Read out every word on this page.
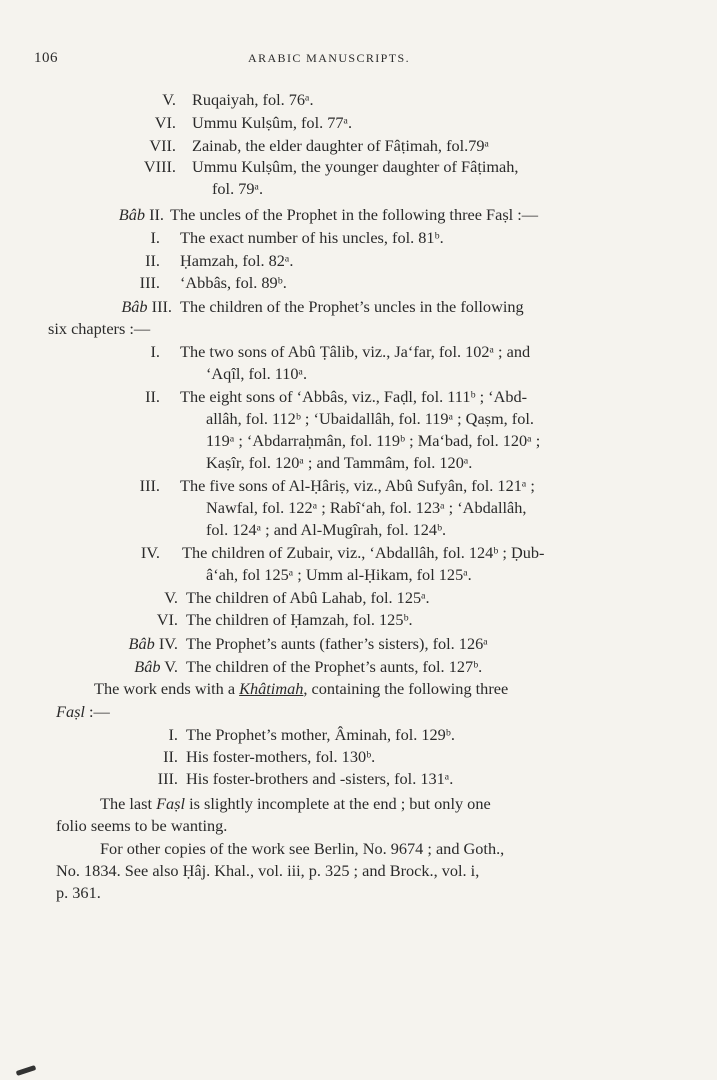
106	ARABIC MANUSCRIPTS.
V. Ruqaiyah, fol. 76ᵃ.
VI. Ummu Kulṣûm, fol. 77ᵃ.
VII. Zainab, the elder daughter of Fâṭimah, fol.79ᵃ
VIII. Ummu Kulṣûm, the younger daughter of Fâṭimah,
fol. 79ᵃ.
Bâb II. The uncles of the Prophet in the following three Faṣl :—
I. The exact number of his uncles, fol. 81ᵇ.
II. Ḥamzah, fol. 82ᵃ.
III. ‘Abbâs, fol. 89ᵇ.
Bâb III. The children of the Prophet’s uncles in the following
six chapters :—
I. The two sons of Abû Ṭâlib, viz., Ja‘far, fol. 102ᵃ ; and
‘Aqîl, fol. 110ᵃ.
II. The eight sons of ‘Abbâs, viz., Faḍl, fol. 111ᵇ ; ‘Abd-
allâh, fol. 112ᵇ ; ‘Ubaidallâh, fol. 119ᵃ ; Qaṣm, fol.
119ᵃ ; ‘Abdarraḥmân, fol. 119ᵇ ; Ma‘bad, fol. 120ᵃ ;
Kaṣîr, fol. 120ᵃ ; and Tammâm, fol. 120ᵃ.
III. The five sons of Al-Ḥâriṣ, viz., Abû Sufyân, fol. 121ᵃ ;
Nawfal, fol. 122ᵃ ; Rabî‘ah, fol. 123ᵃ ; ‘Abdallâh,
fol. 124ᵃ ; and Al-Mugîrah, fol. 124ᵇ.
IV. The children of Zubair, viz., ‘Abdallâh, fol. 124ᵇ ; Ḍub-
â‘ah, fol 125ᵃ ; Umm al-Ḥikam, fol 125ᵃ.
V. The children of Abû Lahab, fol. 125ᵃ.
VI. The children of Ḥamzah, fol. 125ᵇ.
Bâb IV. The Prophet’s aunts (father’s sisters), fol. 126ᵃ
Bâb V. The children of the Prophet’s aunts, fol. 127ᵇ.
The work ends with a Khâtimah, containing the following three
Faṣl :—
I. The Prophet’s mother, Âminah, fol. 129ᵇ.
II. His foster-mothers, fol. 130ᵇ.
III. His foster-brothers and -sisters, fol. 131ᵃ.
The last Faṣl is slightly incomplete at the end ; but only one
folio seems to be wanting.
For other copies of the work see Berlin, No. 9674 ; and Goth.,
No. 1834. See also Ḥâj. Khal., vol. iii, p. 325 ; and Brock., vol. i,
p. 361.
